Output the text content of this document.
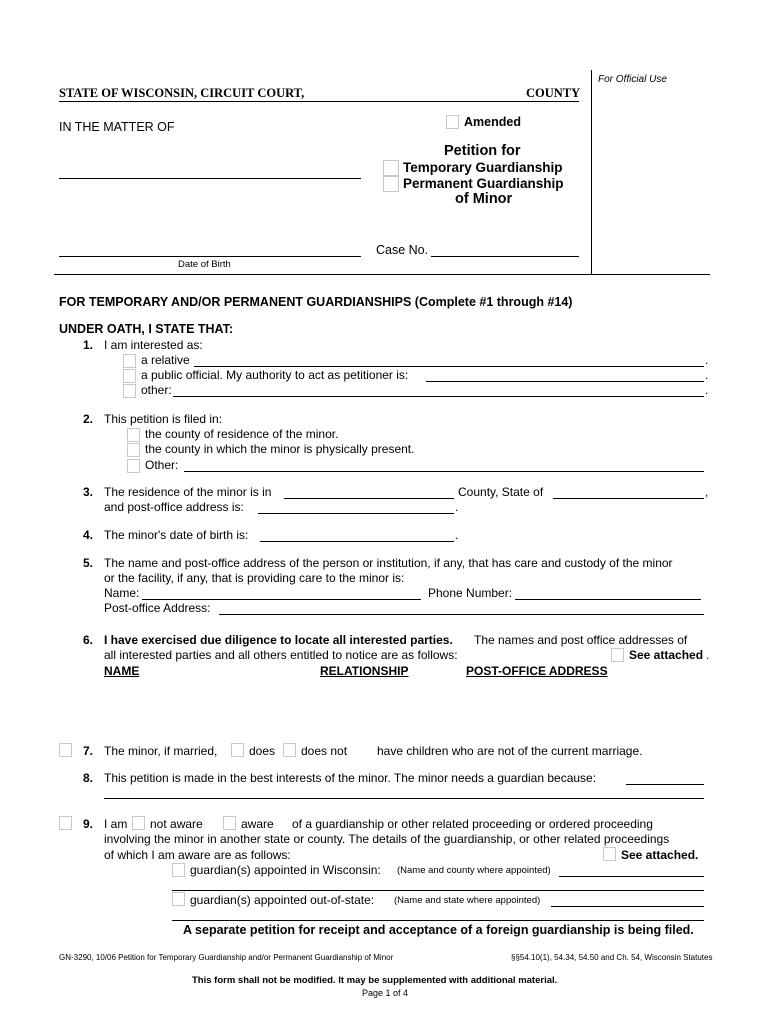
For Official Use
STATE OF WISCONSIN, CIRCUIT COURT,	COUNTY
IN THE MATTER OF	Amended
Petition for
Temporary Guardianship
Permanent Guardianship
of Minor
Date of Birth
Case No.
FOR TEMPORARY AND/OR PERMANENT GUARDIANSHIPS (Complete #1 through #14)
UNDER OATH, I STATE THAT:
1. I am interested as:
a relative	.
a public official. My authority to act as petitioner is:	.
other:	.
2. This petition is filed in:
the county of residence of the minor.
the county in which the minor is physically present.
Other:
3. The residence of the minor is in	County, State of	,
and post-office address is:	.
4. The minor's date of birth is:	.
5. The name and post-office address of the person or institution, if any, that has care and custody of the minor
or the facility, if any, that is providing care to the minor is:
Name:	Phone Number:
Post-office Address:
6. I have exercised due diligence to locate all interested parties. The names and post office addresses of
all interested parties and all others entitled to notice are as follows:	See attached .
NAME	RELATIONSHIP	POST-OFFICE ADDRESS
7. The minor, if married,	does does not have children who are not of the current marriage.
8. This petition is made in the best interests of the minor. The minor needs a guardian because:
9. I am not aware	aware of a guardianship or other related proceeding or ordered proceeding
involving the minor in another state or county. The details of the guardianship, or other related proceedings
of which I am aware are as follows:	See attached.
guardian(s) appointed in Wisconsin: (Name and county where appointed)
guardian(s) appointed out-of-state: (Name and state where appointed)
A separate petition for receipt and acceptance of a foreign guardianship is being filed.
GN-3290, 10/06 Petition for Temporary Guardianship and/or Permanent Guardianship of Minor	§§54.10(1), 54.34, 54.50 and Ch. 54, Wisconsin Statutes
This form shall not be modified. It may be supplemented with additional material.
Page 1 of 4
